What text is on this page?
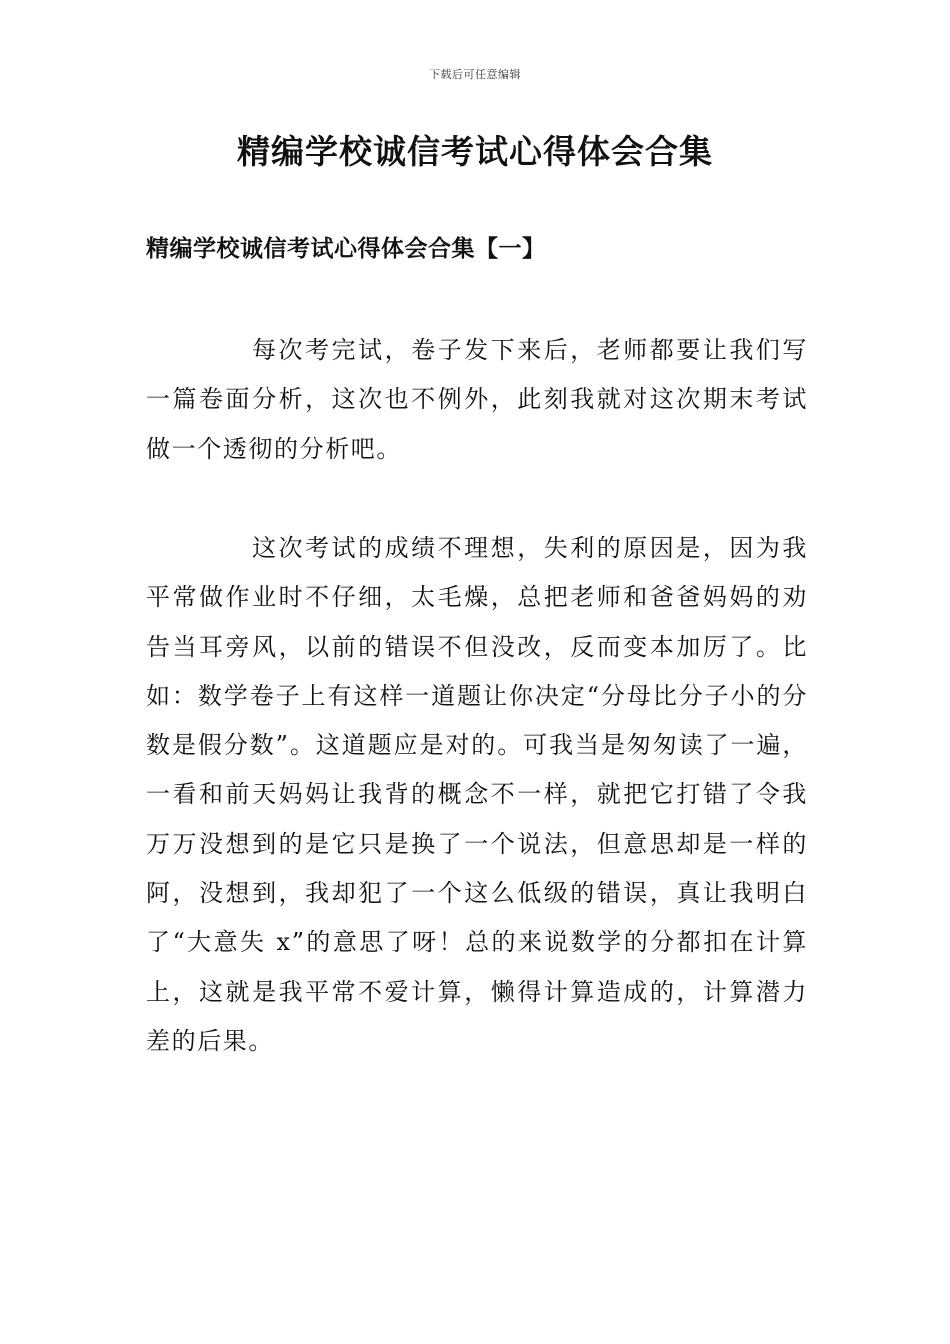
下载后可任意编辑
精编学校诚信考试心得体会合集
精编学校诚信考试心得体会合集【一】

每次考完试，卷子发下来后，老师都要让我们写一篇卷面分析，这次也不例外，此刻我就对这次期末考试做一个透彻的分析吧。

这次考试的成绩不理想，失利的原因是，因为我平常做作业时不仔细，太毛燥，总把老师和爸爸妈妈的劝告当耳旁风，以前的错误不但没改，反而变本加厉了。比如：数学卷子上有这样一道题让你决定“分母比分子小的分数是假分数”。这道题应是对的。可我当是匆匆读了一遍，一看和前天妈妈让我背的概念不一样，就把它打错了令我万万没想到的是它只是换了一个说法，但意思却是一样的阿，没想到，我却犯了一个这么低级的错误，真让我明白了“大意失 x”的意思了呀！总的来说数学的分都扣在计算上，这就是我平常不爱计算，懒得计算造成的，计算潜力差的后果。
